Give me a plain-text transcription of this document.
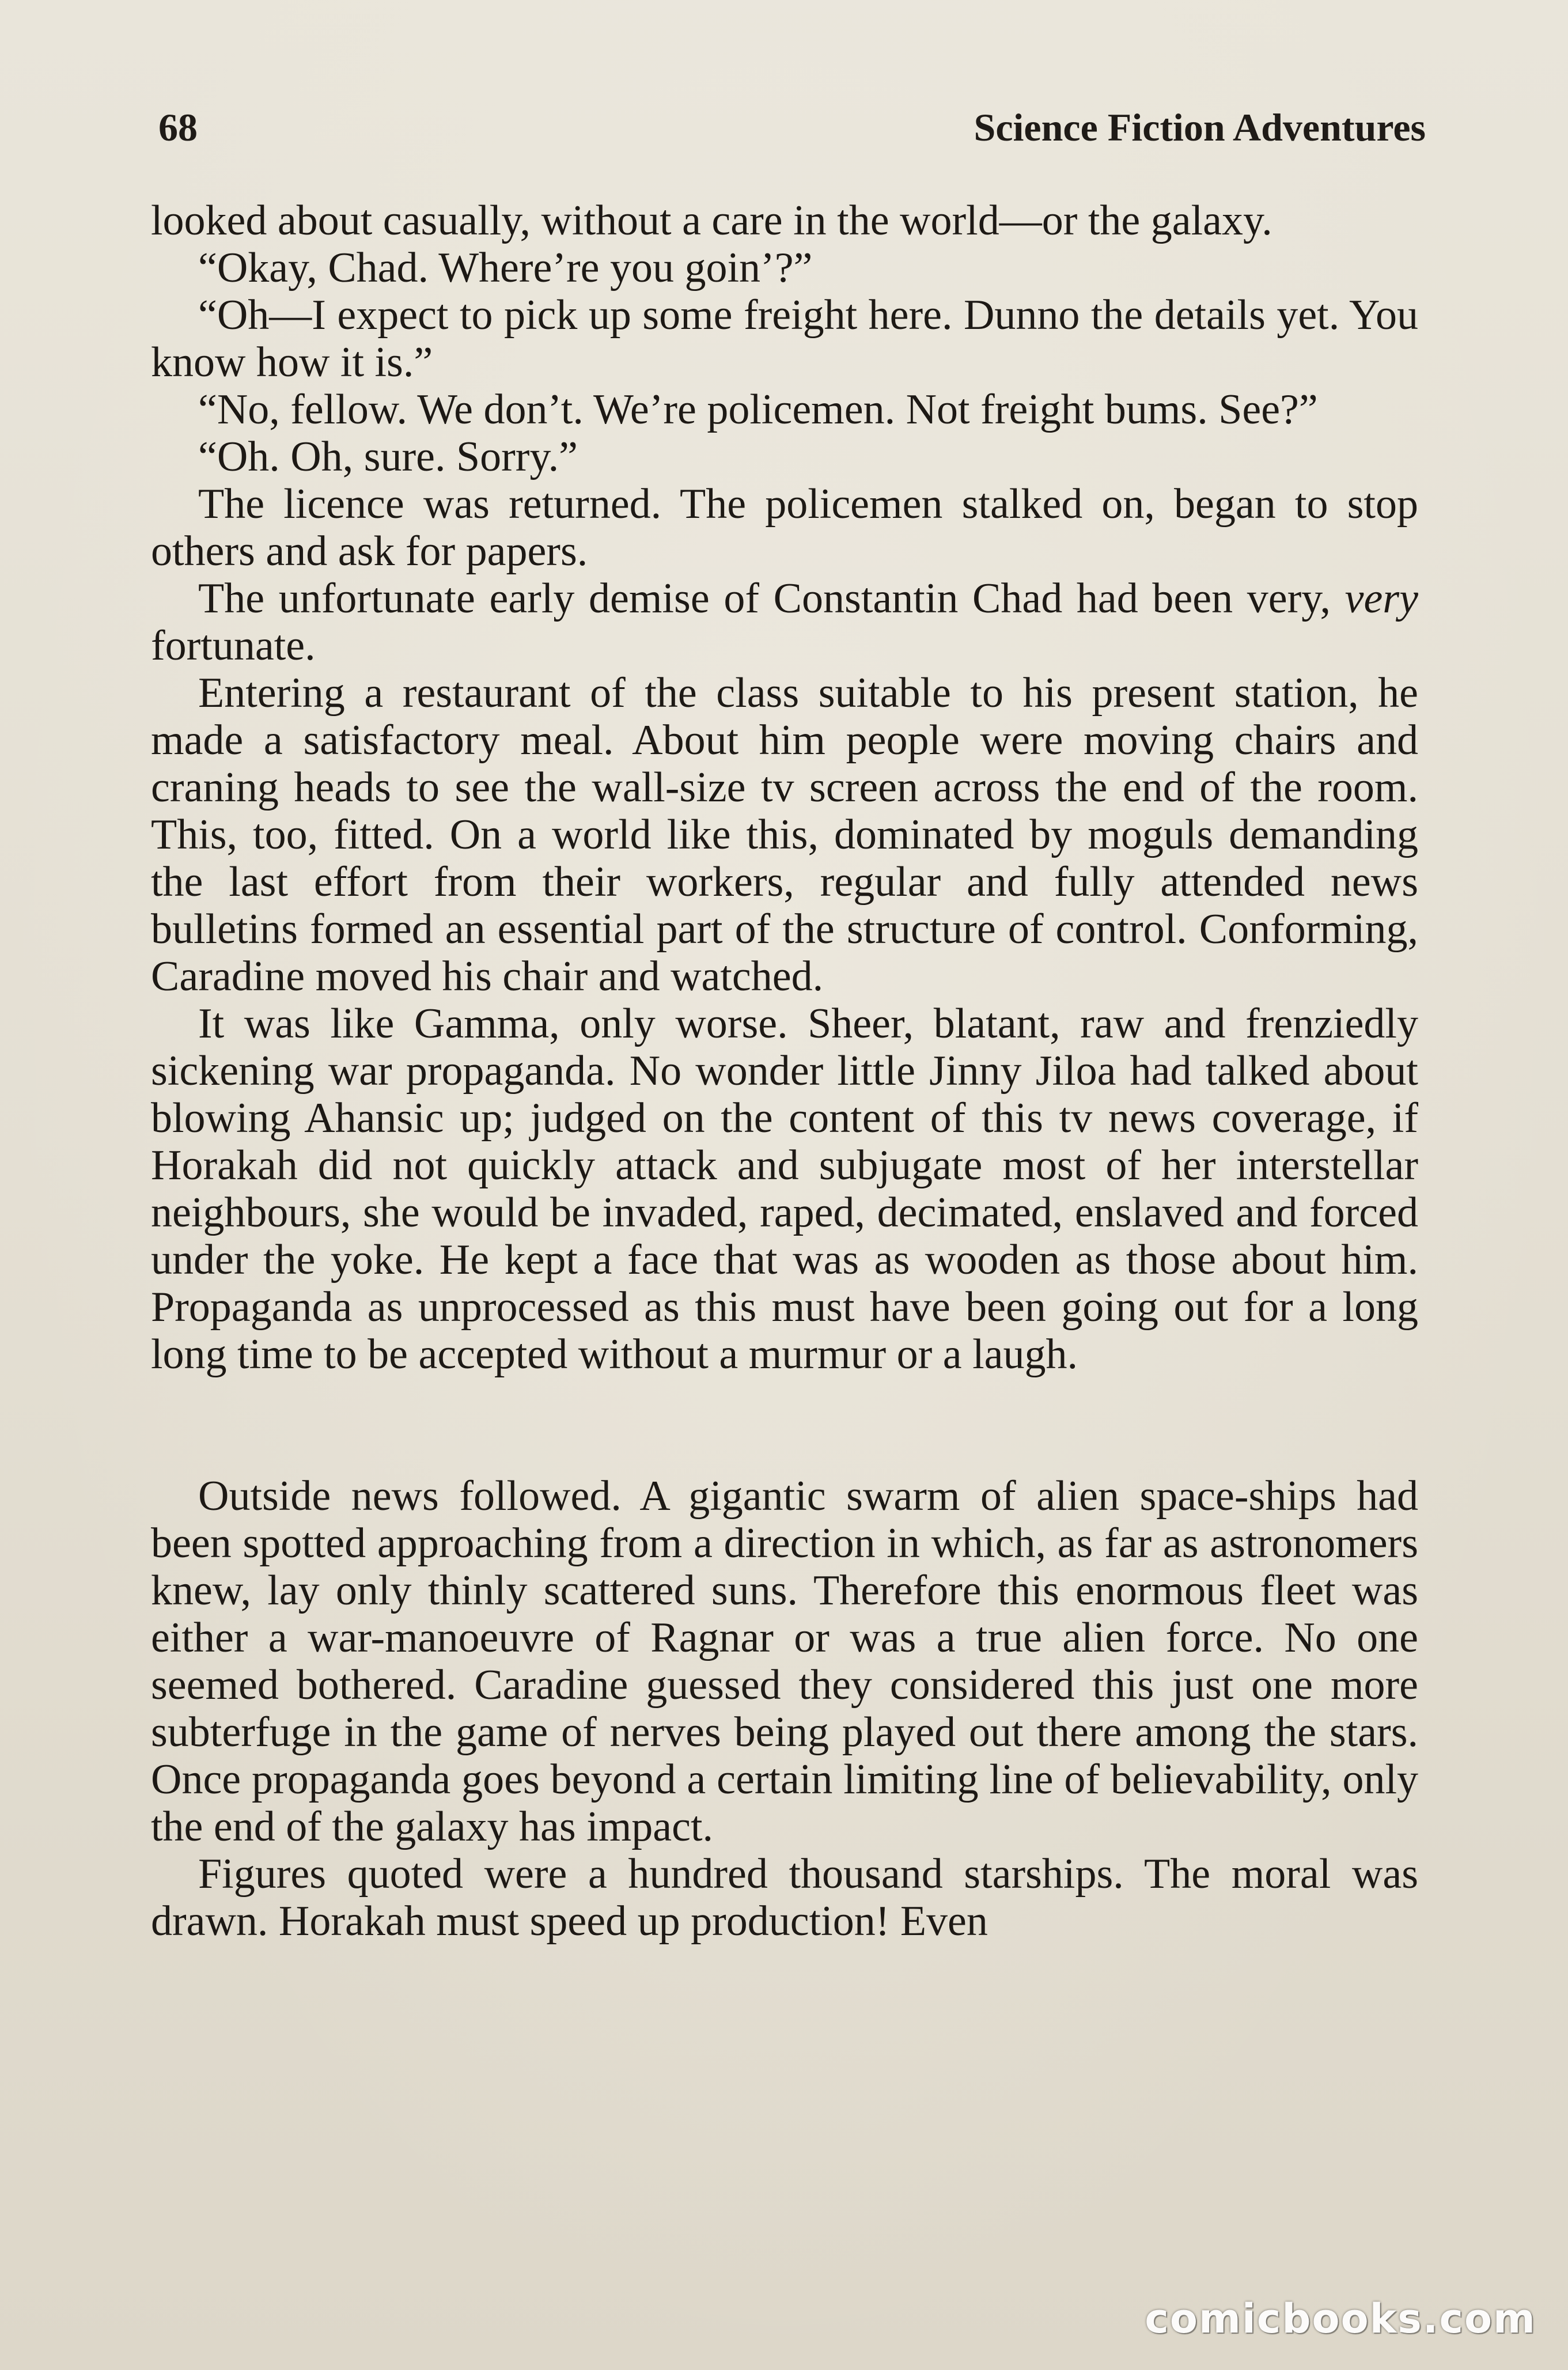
68	Science Fiction Adventures

looked about casually, without a care in the world—or the galaxy.

“Okay, Chad. Where’re you goin’?”

“Oh—I expect to pick up some freight here. Dunno the details yet. You know how it is.”

“No, fellow. We don’t. We’re policemen. Not freight bums. See?”

“Oh. Oh, sure. Sorry.”

The licence was returned. The policemen stalked on, began to stop others and ask for papers.

The unfortunate early demise of Constantin Chad had been very, very fortunate.

Entering a restaurant of the class suitable to his present station, he made a satisfactory meal. About him people were moving chairs and craning heads to see the wall-size tv screen across the end of the room. This, too, fitted. On a world like this, dominated by moguls demanding the last effort from their workers, regular and fully attended news bulletins formed an essential part of the structure of control. Conforming, Caradine moved his chair and watched.

It was like Gamma, only worse. Sheer, blatant, raw and frenziedly sickening war propaganda. No wonder little Jinny Jiloa had talked about blowing Ahansic up; judged on the content of this tv news coverage, if Horakah did not quickly attack and subjugate most of her interstellar neighbours, she would be invaded, raped, decimated, enslaved and forced under the yoke. He kept a face that was as wooden as those about him. Propaganda as unprocessed as this must have been going out for a long long time to be accepted without a murmur or a laugh.

Outside news followed. A gigantic swarm of alien space-ships had been spotted approaching from a direction in which, as far as astronomers knew, lay only thinly scattered suns. Therefore this enormous fleet was either a war-manoeuvre of Ragnar or was a true alien force. No one seemed bothered. Caradine guessed they considered this just one more subterfuge in the game of nerves being played out there among the stars. Once propaganda goes beyond a certain limiting line of believability, only the end of the galaxy has impact.

Figures quoted were a hundred thousand starships. The moral was drawn. Horakah must speed up production! Even

comicbooks.com
